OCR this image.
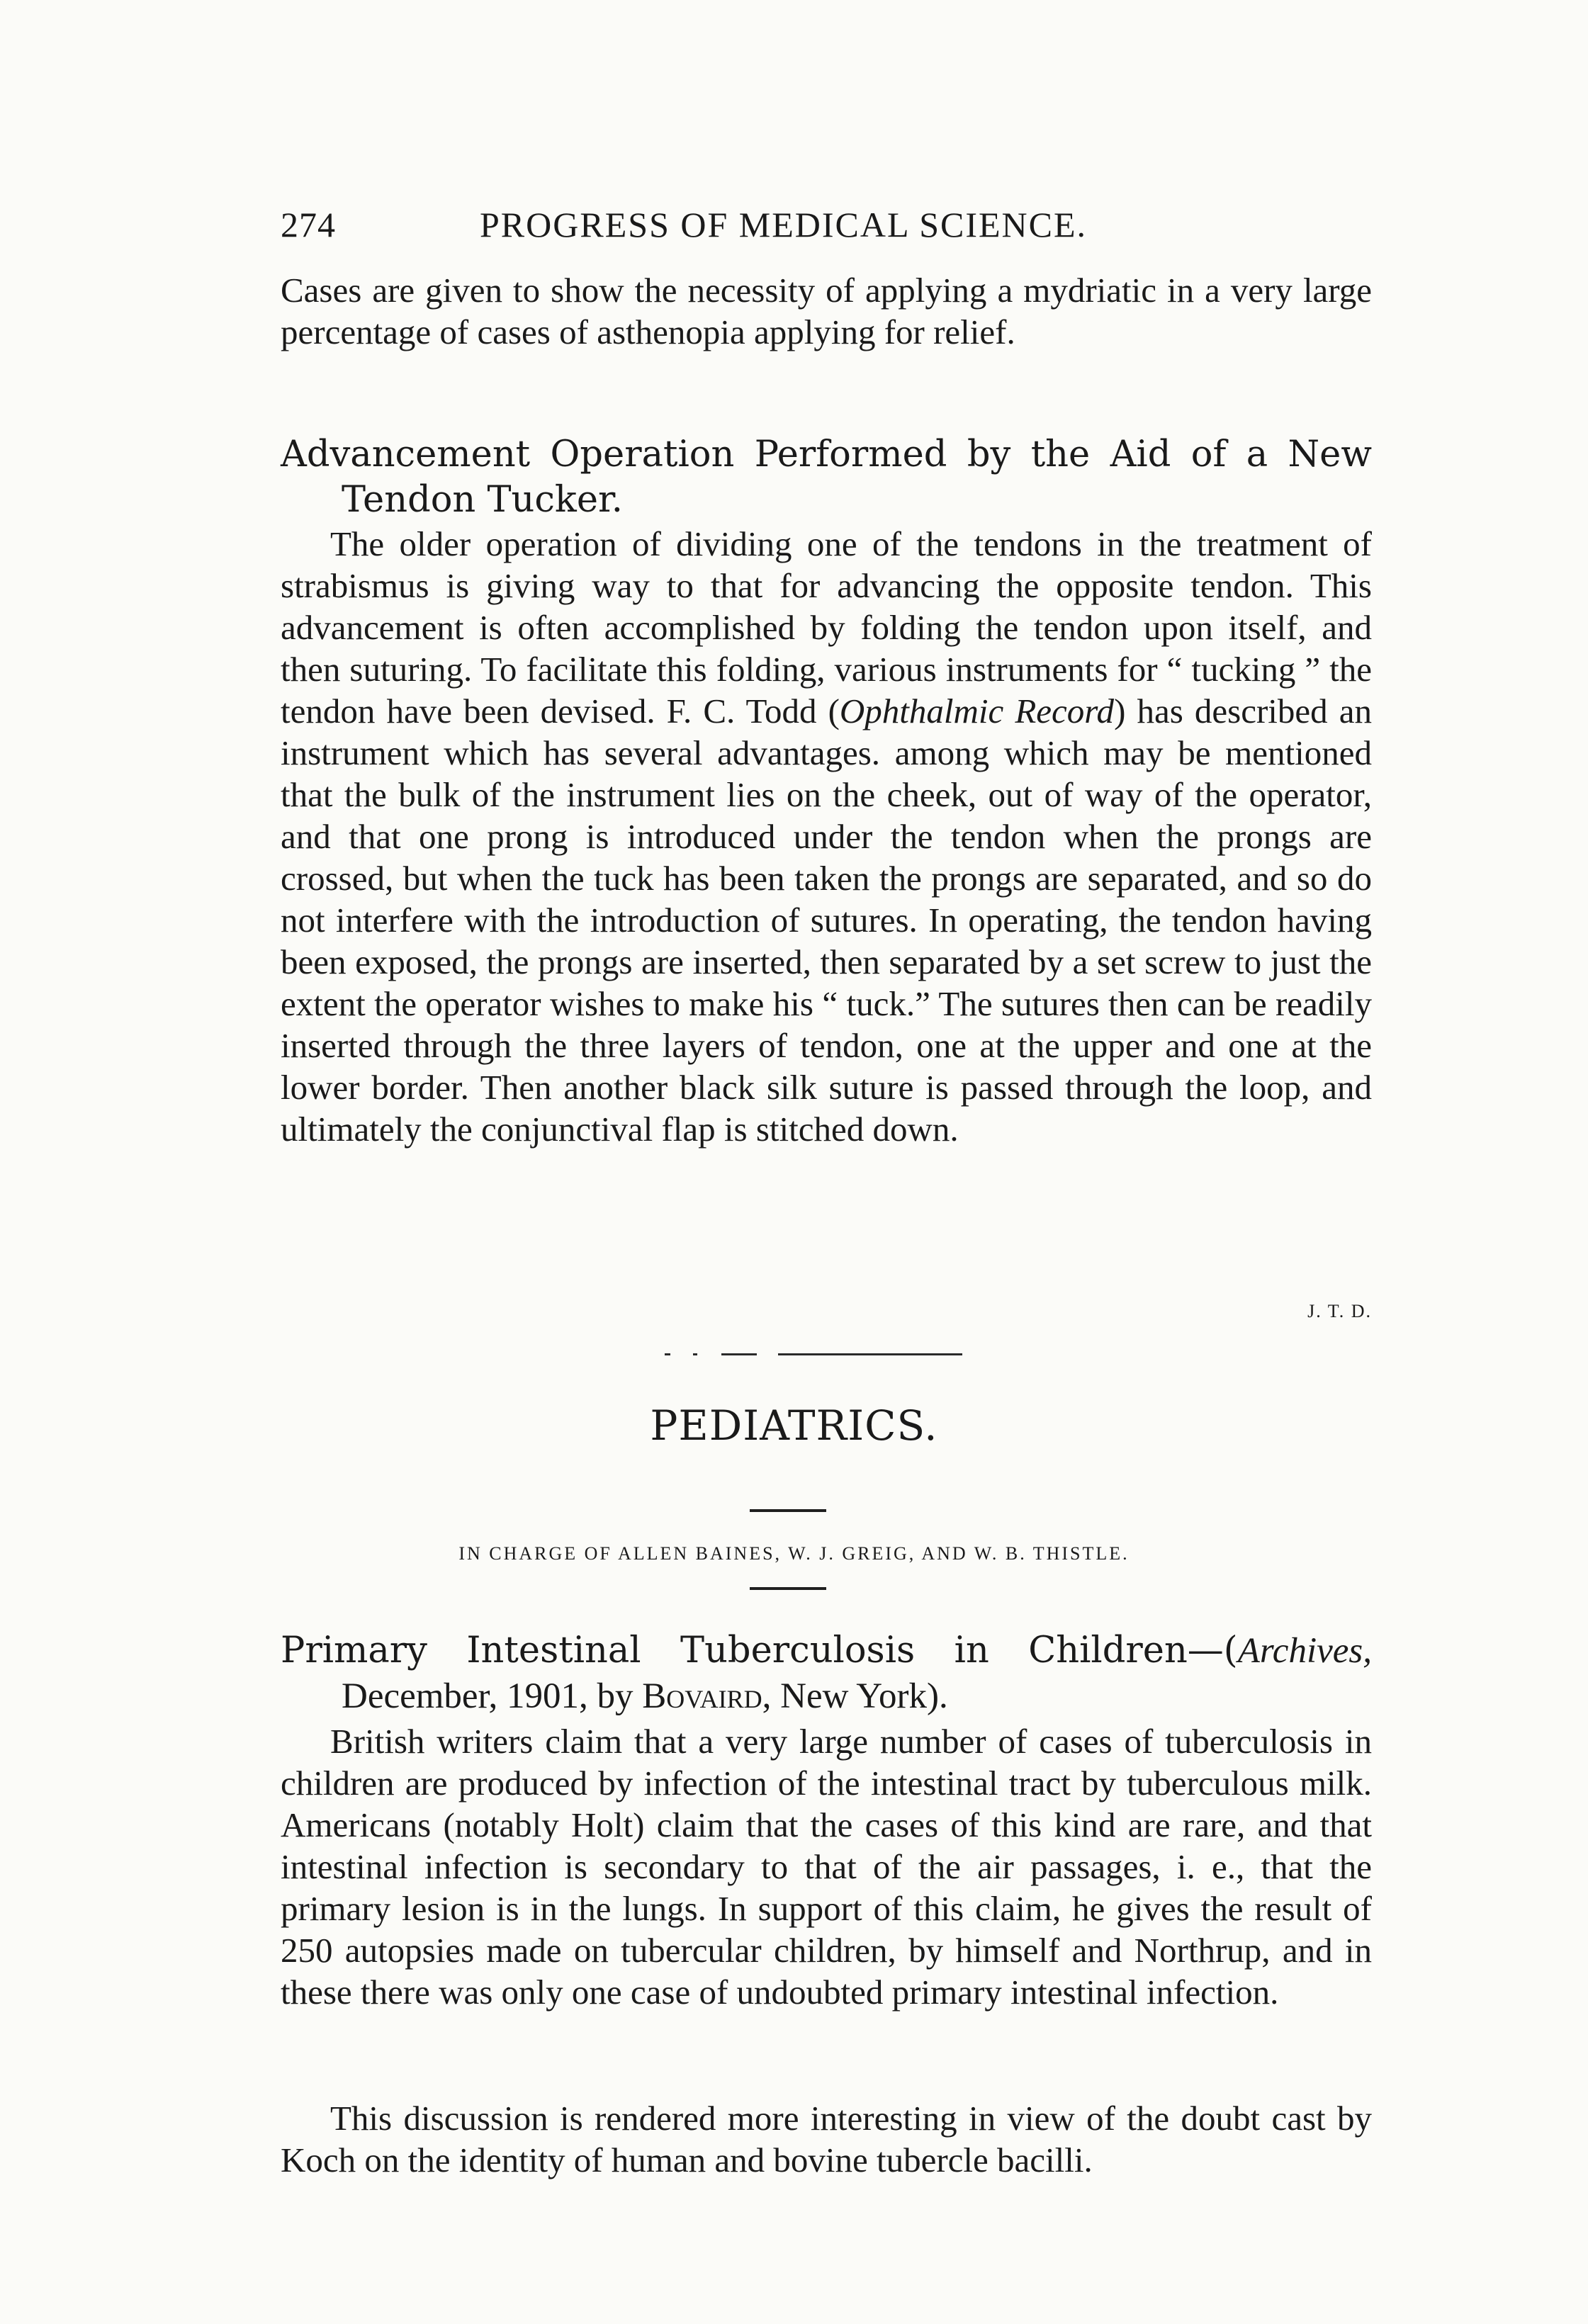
274	PROGRESS OF MEDICAL SCIENCE.

Cases are given to show the necessity of applying a mydriatic in a very large percentage of cases of asthenopia applying for relief.

Advancement Operation Performed by the Aid of a New Tendon Tucker.

The older operation of dividing one of the tendons in the treatment of strabismus is giving way to that for advancing the opposite tendon. This advancement is often accomplished by folding the tendon upon itself, and then suturing. To facilitate this folding, various instruments for “ tucking ” the tendon have been devised. F. C. Todd (Ophthalmic Record) has described an instrument which has several advantages. among which may be mentioned that the bulk of the instrument lies on the cheek, out of way of the operator, and that one prong is introduced under the tendon when the prongs are crossed, but when the tuck has been taken the prongs are separated, and so do not interfere with the introduction of sutures. In operating, the tendon having been exposed, the prongs are inserted, then separated by a set screw to just the extent the operator wishes to make his “ tuck.” The sutures then can be readily inserted through the three layers of tendon, one at the upper and one at the lower border. Then another black silk suture is passed through the loop, and ultimately the conjunctival flap is stitched down.

J. T. D.
PEDIATRICS.
IN CHARGE OF ALLEN BAINES, W. J. GREIG, AND W. B. THISTLE.
Primary Intestinal Tuberculosis in Children—(Archives, December, 1901, by Bovaird, New York).

British writers claim that a very large number of cases of tuberculosis in children are produced by infection of the intestinal tract by tuberculous milk. Americans (notably Holt) claim that the cases of this kind are rare, and that intestinal infection is secondary to that of the air passages, i. e., that the primary lesion is in the lungs. In support of this claim, he gives the result of 250 autopsies made on tubercular children, by himself and Northrup, and in these there was only one case of undoubted primary intestinal infection.

This discussion is rendered more interesting in view of the doubt cast by Koch on the identity of human and bovine tubercle bacilli.
